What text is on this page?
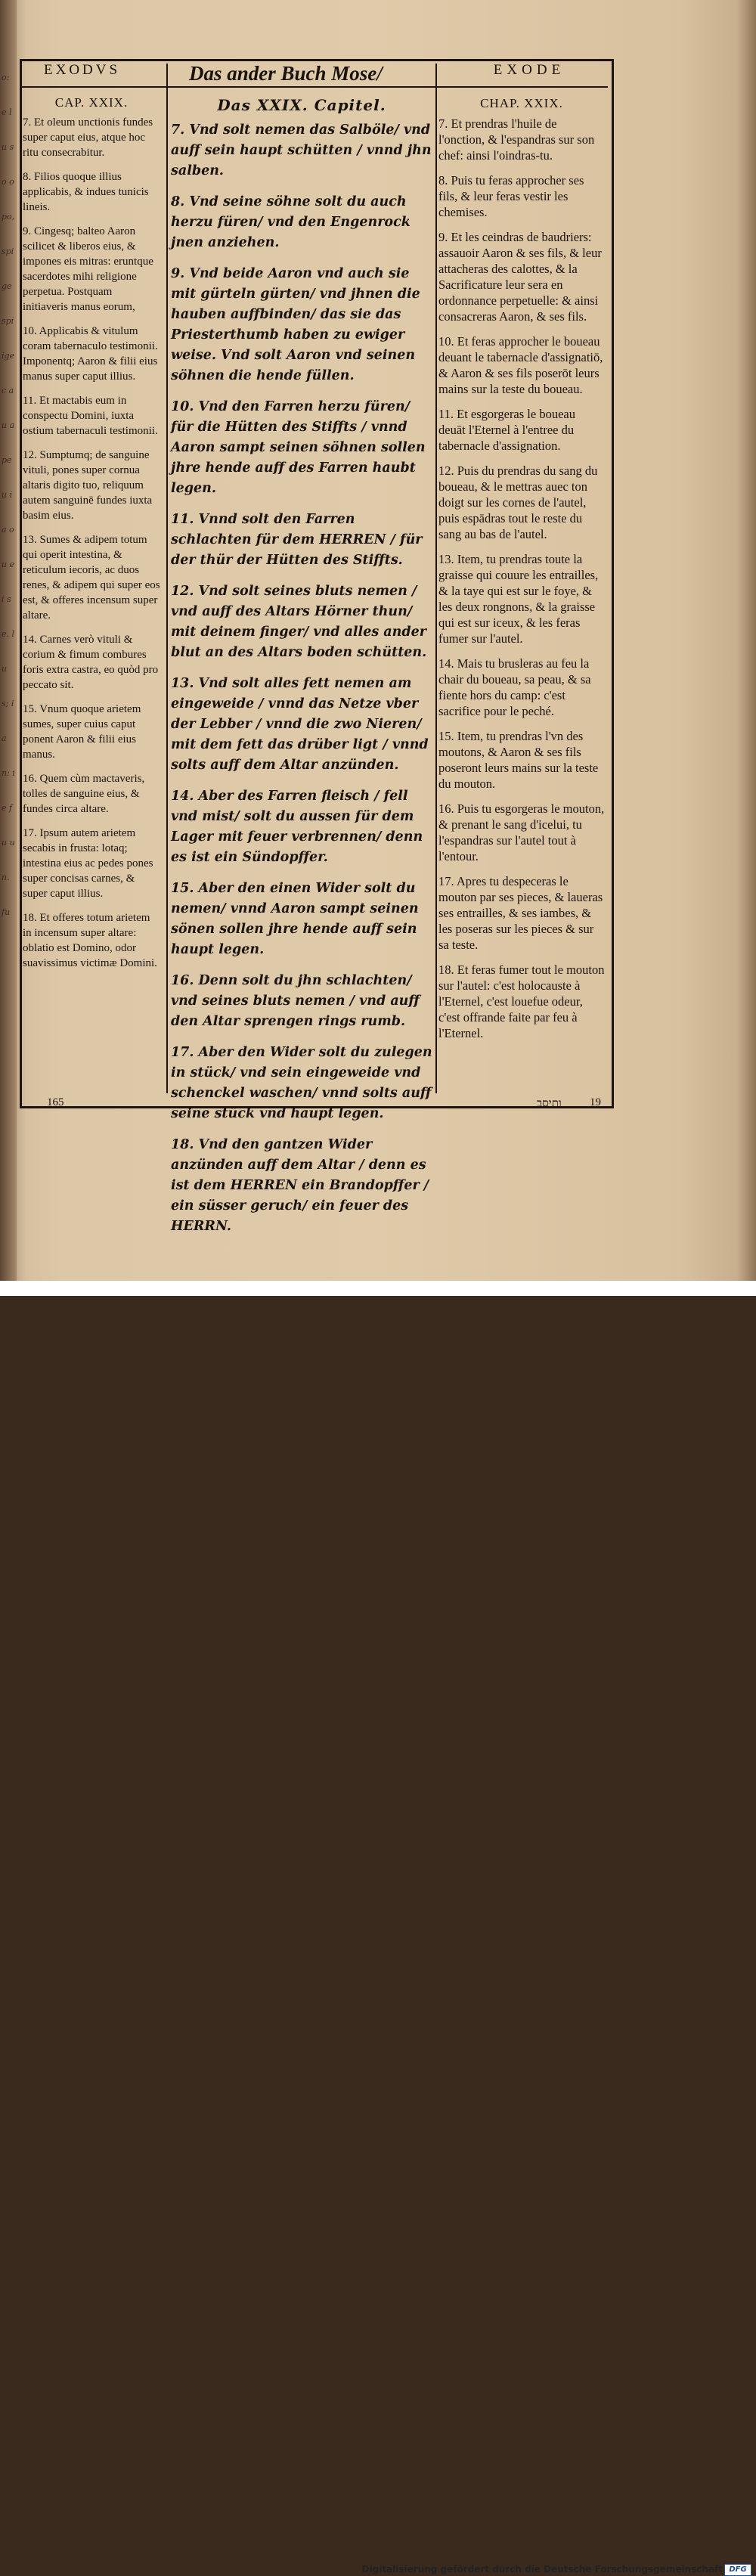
o: e lu so o po, spi ge spi ige c au a pe u ia ou ei se. lu s; ia n: ie f u un. fu
EXODVS	Das ander Buch Mose/	EXODE
CAP. XXIX.
7. Et oleum unctionis fundes super caput eius, atque hoc ritu consecrabitur.
8. Filios quoque illius applicabis, & indues tunicis lineis.
9. Cingesq; balteo Aaron scilicet & liberos eius, & impones eis mitras: eruntque sacerdotes mihi religione perpetua. Postquam initiaveris manus eorum,
10. Applicabis & vitulum coram tabernaculo testimonii. Imponentq; Aaron & filii eius manus super caput illius.
11. Et mactabis eum in conspectu Domini, iuxta ostium tabernaculi testimonii.
12. Sumptumq; de sanguine vituli, pones super cornua altaris digito tuo, reliquum autem sanguinē fundes iuxta basim eius.
13. Sumes & adipem totum qui operit intestina, & reticulum iecoris, ac duos renes, & adipem qui super eos est, & offeres incensum super altare.
14. Carnes verò vituli & corium & fimum combures foris extra castra, eo quòd pro peccato sit.
15. Vnum quoque arietem sumes, super cuius caput ponent Aaron & filii eius manus.
16. Quem cùm mactaveris, tolles de sanguine eius, & fundes circa altare.
17. Ipsum autem arietem secabis in frusta: lotaq; intestina eius ac pedes pones super concisas carnes, & super caput illius.
18. Et offeres totum arietem in incensum super altare: oblatio est Domino, odor suavissimus victimæ Domini.
Das XXIX. Capitel.
7. Vnd solt nemen das Salböle/ vnd auff sein haupt schütten / vnnd jhn salben.
8. Vnd seine söhne solt du auch herzu füren/ vnd den Engenrock jnen anziehen.
9. Vnd beide Aaron vnd auch sie mit gürteln gürten/ vnd jhnen die hauben auffbinden/ das sie das Priesterthumb haben zu ewiger weise. Vnd solt Aaron vnd seinen söhnen die hende füllen.
10. Vnd den Farren herzu füren/ für die Hütten des Stiffts / vnnd Aaron sampt seinen söhnen sollen jhre hende auff des Farren haubt legen.
11. Vnnd solt den Farren schlachten für dem HERREN / für der thür der Hütten des Stiffts.
12. Vnd solt seines bluts nemen / vnd auff des Altars Hörner thun/ mit deinem finger/ vnd alles ander blut an des Altars boden schütten.
13. Vnd solt alles fett nemen am eingeweide / vnnd das Netze vber der Lebber / vnnd die zwo Nieren/ mit dem fett das drüber ligt / vnnd solts auff dem Altar anzünden.
14. Aber des Farren fleisch / fell vnd mist/ solt du aussen für dem Lager mit feuer verbrennen/ denn es ist ein Sündopffer.
15. Aber den einen Wider solt du nemen/ vnnd Aaron sampt seinen sönen sollen jhre hende auff sein haupt legen.
16. Denn solt du jhn schlachten/ vnd seines bluts nemen / vnd auff den Altar sprengen rings rumb.
17. Aber den Wider solt du zulegen in stück/ vnd sein eingeweide vnd schenckel waschen/ vnnd solts auff seine stück vnd haupt legen.
18. Vnd den gantzen Wider anzünden auff dem Altar / denn es ist dem HERREN ein Brandopffer / ein süsser geruch/ ein feuer des HERRN.
CHAP. XXIX.
7. Et prendras l'huile de l'onction, & l'espandras sur son chef: ainsi l'oindras-tu.
8. Puis tu feras approcher ses fils, & leur feras vestir les chemises.
9. Et les ceindras de baudriers: assauoir Aaron & ses fils, & leur attacheras des calottes, & la Sacrificature leur sera en ordonnance perpetuelle: & ainsi consacreras Aaron, & ses fils.
10. Et feras approcher le boueau deuant le tabernacle d'assignatiō, & Aaron & ses fils poserōt leurs mains sur la teste du boueau.
11. Et esgorgeras le boueau deuāt l'Eternel à l'entree du tabernacle d'assignation.
12. Puis du prendras du sang du boueau, & le mettras auec ton doigt sur les cornes de l'autel, puis espādras tout le reste du sang au bas de l'autel.
13. Item, tu prendras toute la graisse qui couure les entrailles, & la taye qui est sur le foye, & les deux rongnons, & la graisse qui est sur iceux, & les feras fumer sur l'autel.
14. Mais tu brusleras au feu la chair du boueau, sa peau, & sa fiente hors du camp: c'est sacrifice pour le peché.
15. Item, tu prendras l'vn des moutons, & Aaron & ses fils poseront leurs mains sur la teste du mouton.
16. Puis tu esgorgeras le mouton, & prenant le sang d'icelui, tu l'espandras sur l'autel tout à l'entour.
17. Apres tu despeceras le mouton par ses pieces, & laueras ses entrailles, & ses iambes, & les poseras sur les pieces & sur sa teste.
18. Et feras fumer tout le mouton sur l'autel: c'est holocauste à l'Eternel, c'est louefue odeur, c'est offrande faite par feu à l'Eternel.
165	ותיסב 19
Digitalisierung gefördert durch die Deutsche Forschungsgemeinschaft DFG
